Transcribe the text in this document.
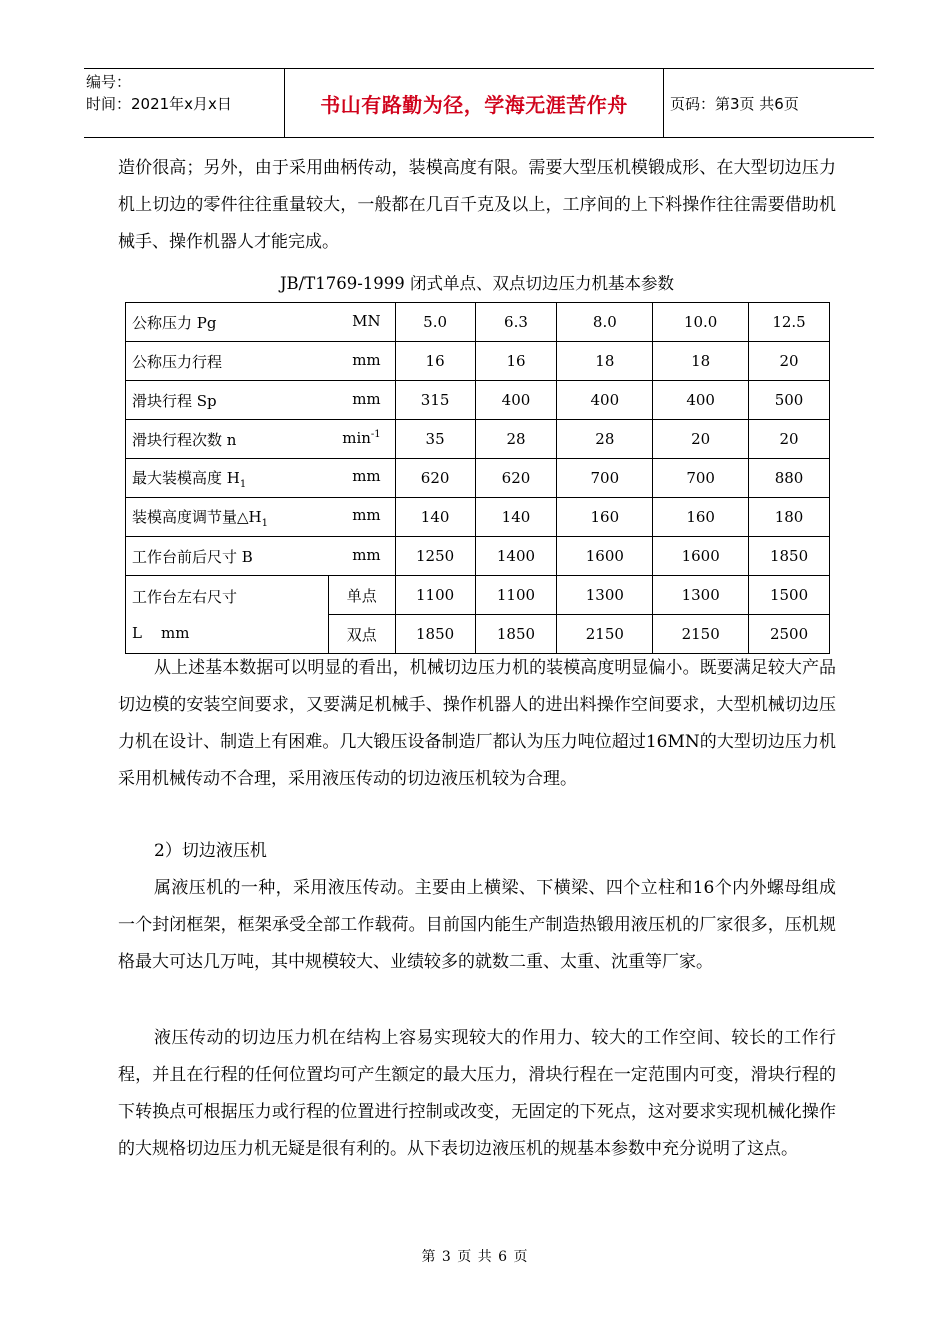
编号：
时间：2021年x月x日	书山有路勤为径，学海无涯苦作舟	页码：第3页 共6页
造价很高；另外，由于采用曲柄传动，装模高度有限。需要大型压机模锻成形、在大型切边压力机上切边的零件往往重量较大，一般都在几百千克及以上，工序间的上下料操作往往需要借助机械手、操作机器人才能完成。
JB/T1769-1999 闭式单点、双点切边压力机基本参数
公称压力 Pg MN		5.0	6.3	8.0	10.0	12.5

公称压力行程 mm		16	16	18	18	20

滑块行程 Sp mm		315	400	400	400	500

滑块行程次数 n $\min^{-1}$		35	28	28	20	20

最大装模高度 $H_1$ mm		620	620	700	700	880

装模高度调节量$\triangle H_1$ mm		140	140	160	160	180

工作台前后尺寸 B mm		1250	1400	1600	1600	1850

工作台左右尺寸
L    mm	单点	1100	1100	1300	1300	1500
	双点	1850	1850	2150	2150	2500
从上述基本数据可以明显的看出，机械切边压力机的装模高度明显偏小。既要满足较大产品切边模的安装空间要求，又要满足机械手、操作机器人的进出料操作空间要求，大型机械切边压力机在设计、制造上有困难。几大锻压设备制造厂都认为压力吨位超过16MN的大型切边压力机采用机械传动不合理，采用液压传动的切边液压机较为合理。
2）切边液压机
属液压机的一种，采用液压传动。主要由上横梁、下横梁、四个立柱和16个内外螺母组成一个封闭框架，框架承受全部工作载荷。目前国内能生产制造热锻用液压机的厂家很多，压机规格最大可达几万吨，其中规模较大、业绩较多的就数二重、太重、沈重等厂家。
液压传动的切边压力机在结构上容易实现较大的作用力、较大的工作空间、较长的工作行程，并且在行程的任何位置均可产生额定的最大压力，滑块行程在一定范围内可变，滑块行程的下转换点可根据压力或行程的位置进行控制或改变，无固定的下死点，这对要求实现机械化操作的大规格切边压力机无疑是很有利的。从下表切边液压机的规基本参数中充分说明了这点。
第 3 页 共 6 页
